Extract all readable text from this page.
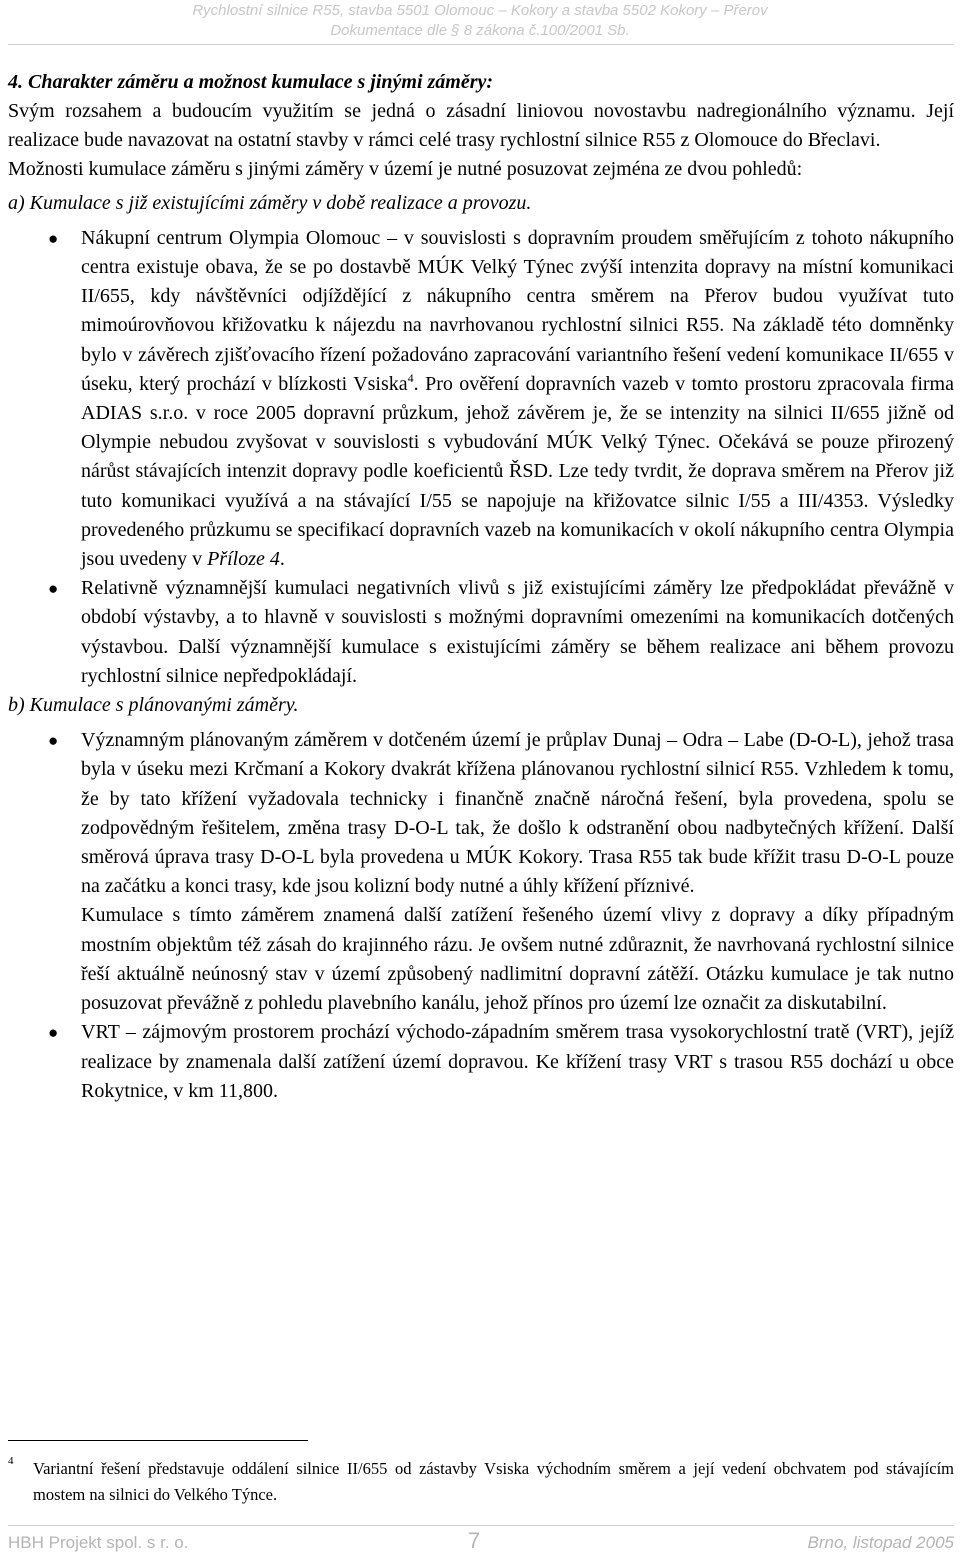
Rychlostní silnice R55, stavba 5501 Olomouc – Kokory a stavba 5502 Kokory – Přerov
Dokumentace dle § 8 zákona č.100/2001 Sb.
4. Charakter záměru a možnost kumulace s jinými záměry:

Svým rozsahem a budoucím využitím se jedná o zásadní liniovou novostavbu nadregionálního významu. Její realizace bude navazovat na ostatní stavby v rámci celé trasy rychlostní silnice R55 z Olomouce do Břeclavi.

Možnosti kumulace záměru s jinými záměry v území je nutné posuzovat zejména ze dvou pohledů:

a) Kumulace s již existujícími záměry v době realizace a provozu.

● Nákupní centrum Olympia Olomouc – v souvislosti s dopravním proudem směřujícím z tohoto nákupního centra existuje obava, že se po dostavbě MÚK Velký Týnec zvýší intenzita dopravy na místní komunikaci II/655, kdy návštěvníci odjíždějící z nákupního centra směrem na Přerov budou využívat tuto mimoúrovňovou křižovatku k nájezdu na navrhovanou rychlostní silnici R55. Na základě této domněnky bylo v závěrech zjišťovacího řízení požadováno zapracování variantního řešení vedení komunikace II/655 v úseku, který prochází v blízkosti Vsiska$^4$. Pro ověření dopravních vazeb v tomto prostoru zpracovala firma ADIAS s.r.o. v roce 2005 dopravní průzkum, jehož závěrem je, že se intenzity na silnici II/655 jižně od Olympie nebudou zvyšovat v souvislosti s vybudování MÚK Velký Týnec. Očekává se pouze přirozený nárůst stávajících intenzit dopravy podle koeficientů ŘSD. Lze tedy tvrdit, že doprava směrem na Přerov již tuto komunikaci využívá a na stávající I/55 se napojuje na křižovatce silnic I/55 a III/4353. Výsledky provedeného průzkumu se specifikací dopravních vazeb na komunikacích v okolí nákupního centra Olympia jsou uvedeny v Příloze 4.
● Relativně významnější kumulaci negativních vlivů s již existujícími záměry lze předpokládat převážně v období výstavby, a to hlavně v souvislosti s možnými dopravními omezeními na komunikacích dotčených výstavbou. Další významnější kumulace s existujícími záměry se během realizace ani během provozu rychlostní silnice nepředpokládají.

b) Kumulace s plánovanými záměry.

● Významným plánovaným záměrem v dotčeném území je průplav Dunaj – Odra – Labe (D-O-L), jehož trasa byla v úseku mezi Krčmaní a Kokory dvakrát křížena plánovanou rychlostní silnicí R55. Vzhledem k tomu, že by tato křížení vyžadovala technicky i finančně značně náročná řešení, byla provedena, spolu se zodpovědným řešitelem, změna trasy D-O-L tak, že došlo k odstranění obou nadbytečných křížení. Další směrová úprava trasy D-O-L byla provedena u MÚK Kokory. Trasa R55 tak bude křížit trasu D-O-L pouze na začátku a konci trasy, kde jsou kolizní body nutné a úhly křížení příznivé.
Kumulace s tímto záměrem znamená další zatížení řešeného území vlivy z dopravy a díky případným mostním objektům též zásah do krajinného rázu. Je ovšem nutné zdůraznit, že navrhovaná rychlostní silnice řeší aktuálně neúnosný stav v území způsobený nadlimitní dopravní zátěží. Otázku kumulace je tak nutno posuzovat převážně z pohledu plavebního kanálu, jehož přínos pro území lze označit za diskutabilní.
● VRT – zájmovým prostorem prochází východo-západním směrem trasa vysokorychlostní tratě (VRT), jejíž realizace by znamenala další zatížení území dopravou. Ke křížení trasy VRT s trasou R55 dochází u obce Rokytnice, v km 11,800.
4	Variantní řešení představuje oddálení silnice II/655 od zástavby Vsiska východním směrem a její vedení obchvatem pod stávajícím mostem na silnici do Velkého Týnce.
HBH Projekt spol. s r. o.	7	Brno, listopad 2005
